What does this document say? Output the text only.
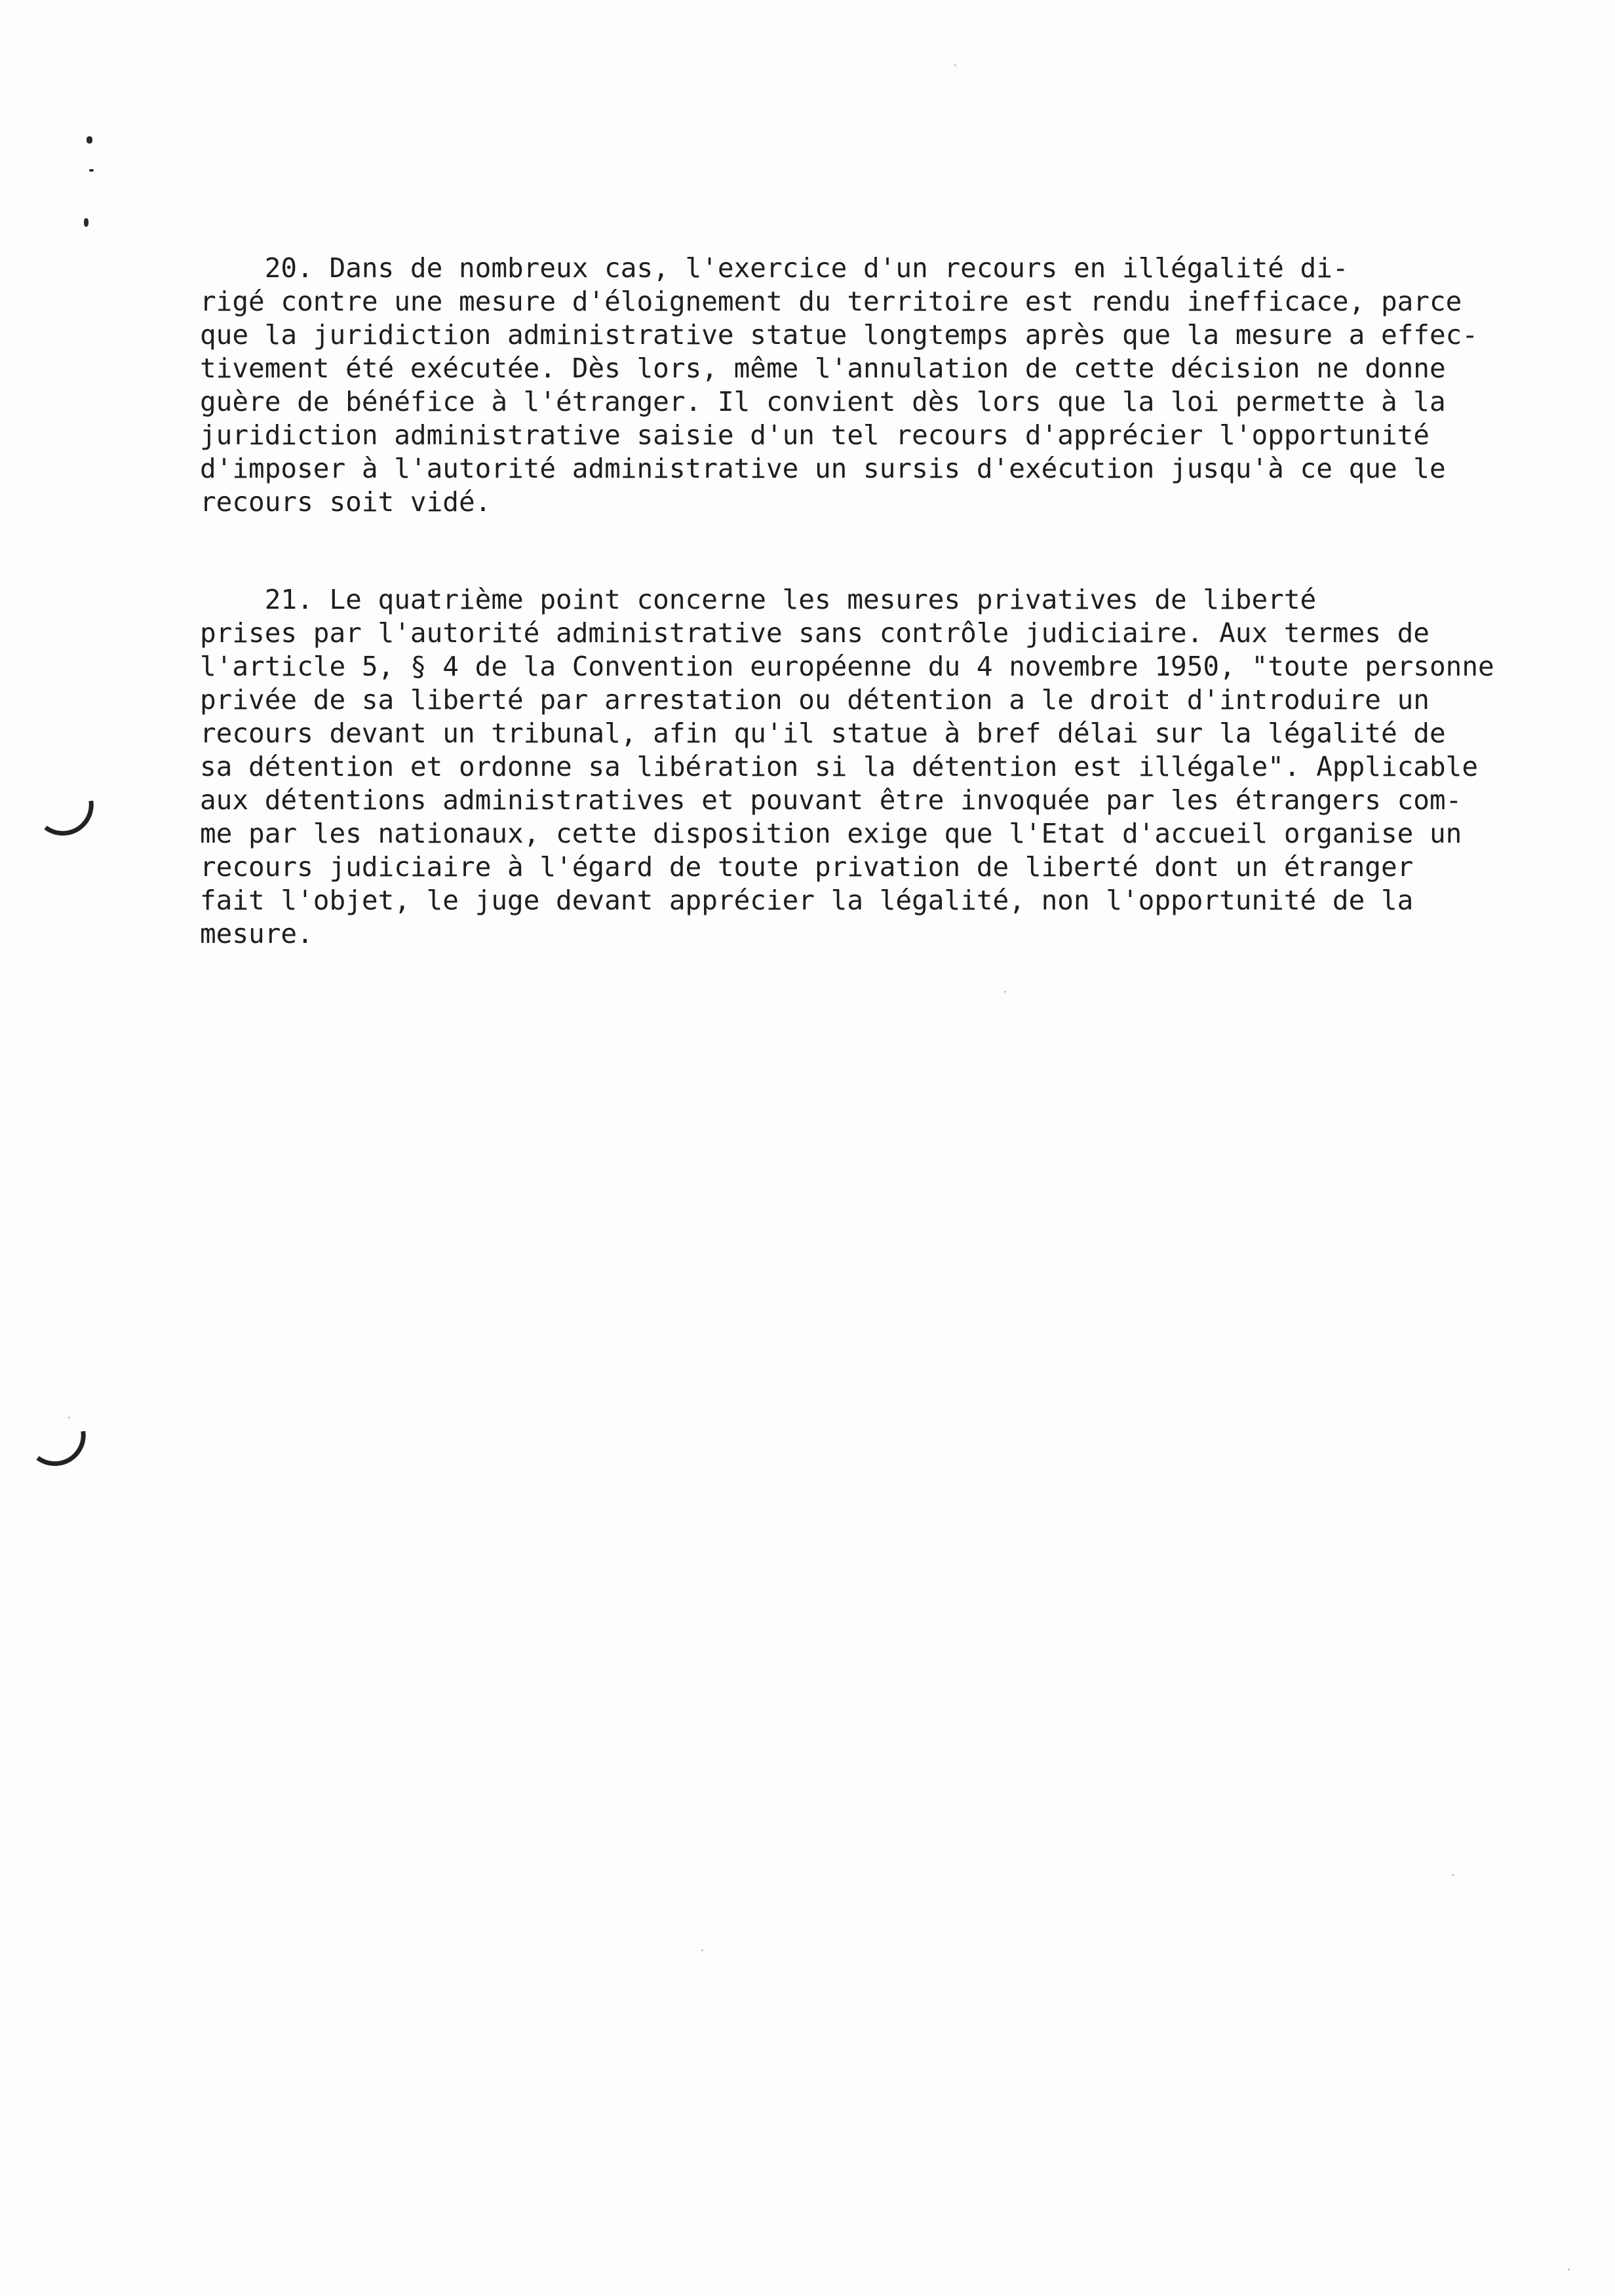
20. Dans de nombreux cas, l'exercice d'un recours en illégalité di-
rigé contre une mesure d'éloignement du territoire est rendu inefficace, parce
que la juridiction administrative statue longtemps après que la mesure a effec-
tivement été exécutée. Dès lors, même l'annulation de cette décision ne donne
guère de bénéfice à l'étranger. Il convient dès lors que la loi permette à la
juridiction administrative saisie d'un tel recours d'apprécier l'opportunité
d'imposer à l'autorité administrative un sursis d'exécution jusqu'à ce que le
recours soit vidé.
21. Le quatrième point concerne les mesures privatives de liberté
prises par l'autorité administrative sans contrôle judiciaire. Aux termes de
l'article 5, § 4 de la Convention européenne du 4 novembre 1950, "toute personne
privée de sa liberté par arrestation ou détention a le droit d'introduire un
recours devant un tribunal, afin qu'il statue à bref délai sur la légalité de
sa détention et ordonne sa libération si la détention est illégale". Applicable
aux détentions administratives et pouvant être invoquée par les étrangers com-
me par les nationaux, cette disposition exige que l'Etat d'accueil organise un
recours judiciaire à l'égard de toute privation de liberté dont un étranger
fait l'objet, le juge devant apprécier la légalité, non l'opportunité de la
mesure.
